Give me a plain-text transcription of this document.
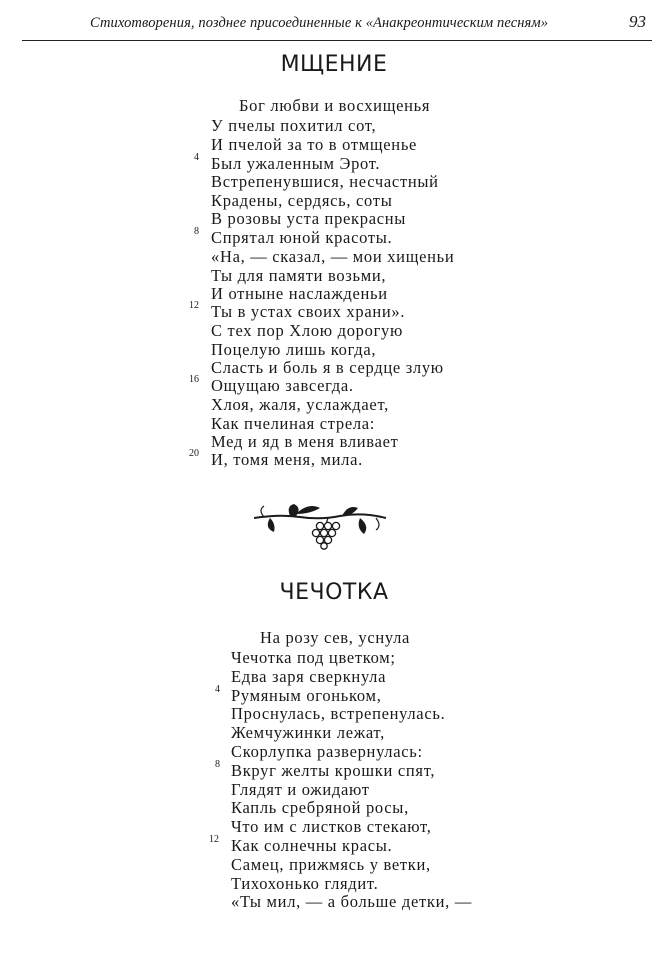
Стихотворения, позднее присоединенные к «Анакреонтическим песням»	93
МЩЕНИЕ
Бог любви и восхищенья
У пчелы похитил сот,
И пчелой за то в отмщенье
4 Был ужаленным Эрот.
Встрепенувшися, несчастный
Крадены, сердясь, соты
В розовы уста прекрасны
8 Спрятал юной красоты.
«На, — сказал, — мои хищеньи
Ты для памяти возьми,
И отныне наслажденьи
12 Ты в устах своих храни».
С тех пор Хлою дорогую
Поцелую лишь когда,
Сласть и боль я в сердце злую
16 Ощущаю завсегда.
Хлоя, жаля, услаждает,
Как пчелиная стрела:
Мед и яд в меня вливает
20 И, томя меня, мила.
ЧЕЧОТКА
На розу сев, уснула
Чечотка под цветком;
Едва заря сверкнула
4 Румяным огоньком,
Проснулась, встрепенулась.
Жемчужинки лежат,
Скорлупка развернулась:
8 Вкруг желты крошки спят,
Глядят и ожидают
Капль сребряной росы,
Что им с листков стекают,
12 Как солнечны красы.
Самец, прижмясь у ветки,
Тихохонько глядит.
«Ты мил, — а больше детки, —
